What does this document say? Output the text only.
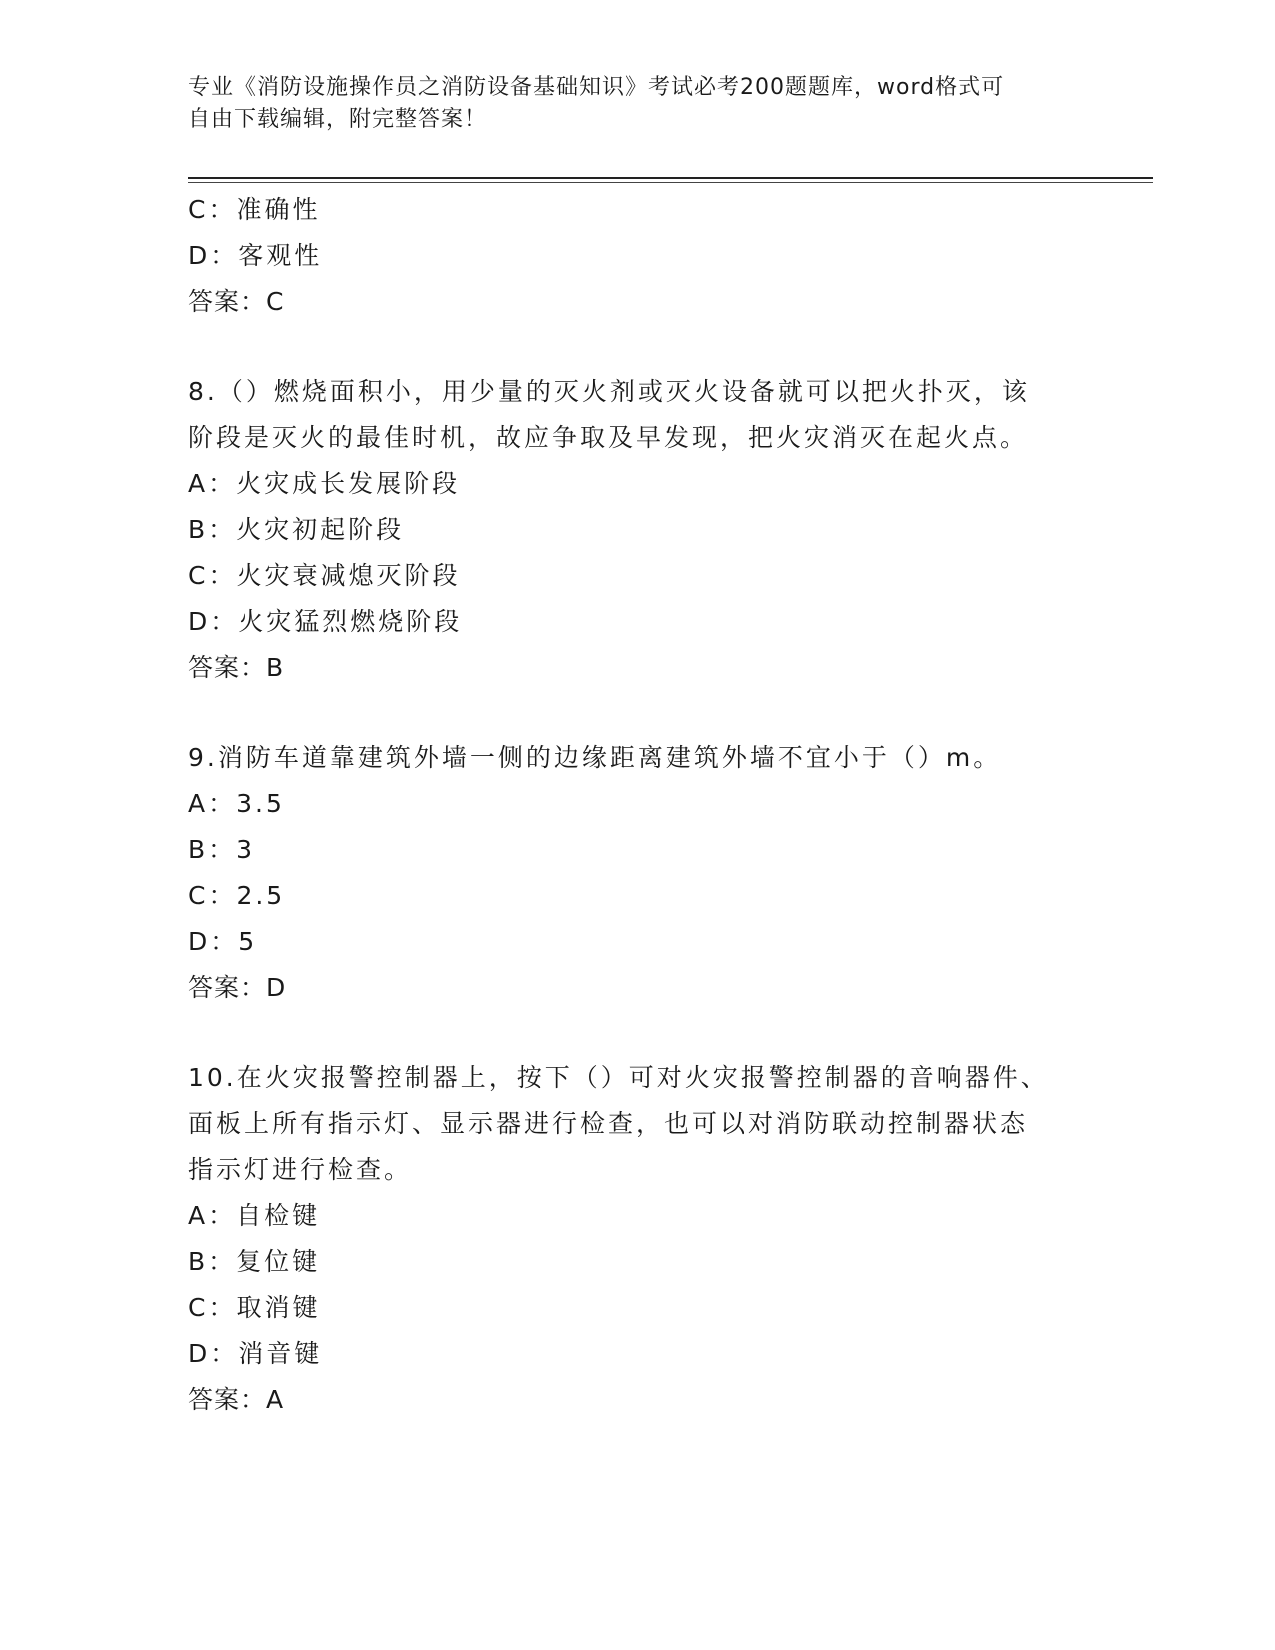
专业《消防设施操作员之消防设备基础知识》考试必考200题题库，word格式可
自由下载编辑，附完整答案！
C：准确性
D：客观性
答案：C
8.（）燃烧面积小，用少量的灭火剂或灭火设备就可以把火扑灭，该
阶段是灭火的最佳时机，故应争取及早发现，把火灾消灭在起火点。
A：火灾成长发展阶段
B：火灾初起阶段
C：火灾衰减熄灭阶段
D：火灾猛烈燃烧阶段
答案：B
9.消防车道靠建筑外墙一侧的边缘距离建筑外墙不宜小于（）m。
A：3.5
B：3
C：2.5
D：5
答案：D
10.在火灾报警控制器上，按下（）可对火灾报警控制器的音响器件、
面板上所有指示灯、显示器进行检查，也可以对消防联动控制器状态
指示灯进行检查。
A：自检键
B：复位键
C：取消键
D：消音键
答案：A
